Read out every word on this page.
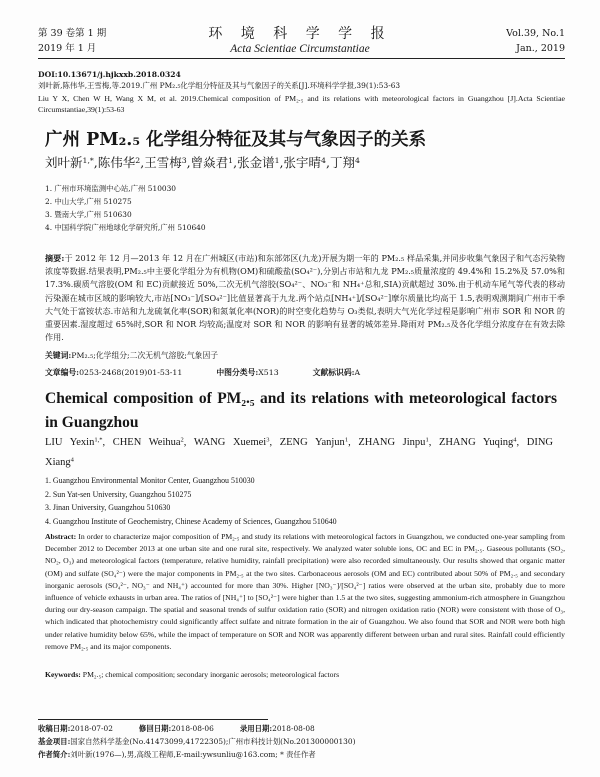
第 39 卷第 1 期
2019 年 1 月
环 境 科 学 学 报
Acta Scientiae Circumstantiae
Vol.39, No.1
Jan., 2019
DOI:10.13671/j.hjkxxb.2018.0324
刘叶新,陈伟华,王雪梅,等.2019.广州 PM₂.₅化学组分特征及其与气象因子的关系[J].环境科学学报,39(1):53-63
Liu Y X, Chen W H, Wang X M, et al. 2019.Chemical composition of PM₂.₅ and its relations with meteorological factors in Guangzhou [J].Acta Scientiae Circumstantiae,39(1):53-63
广州 PM₂.₅ 化学组分特征及其与气象因子的关系
刘叶新$^{1,*}$,陈伟华$^2$,王雪梅$^3$,曾焱君$^1$,张金谱$^1$,张宇晴$^4$,丁翔$^4$
1. 广州市环境监测中心站,广州 510030
2. 中山大学,广州 510275
3. 暨南大学,广州 510630
4. 中国科学院广州地球化学研究所,广州 510640
摘要:于 2012 年 12 月—2013 年 12 月在广州城区(市站)和东部郊区(九龙)开展为期一年的 PM₂.₅ 样品采集,并同步收集气象因子和气态污染物浓度等数据.结果表明,PM₂.₅中主要化学组分为有机物(OM)和硫酸盐(SO₄²⁻),分别占市站和九龙 PM₂.₅质量浓度的 49.4%和 15.2%及 57.0%和 17.3%.碳质气溶胶(OM 和 EC)贡献接近 50%,二次无机气溶胶(SO₄²⁻、NO₃⁻和 NH₄⁺总和,SIA)贡献超过 30%.由于机动车尾气等代表的移动污染源在城市区域的影响较大,市站[NO₃⁻]/[SO₄²⁻]比值显著高于九龙.两个站点[NH₄⁺]/[SO₄²⁻]摩尔质量比均高于 1.5,表明观测期间广州市干季大气处于富铵状态.市站和九龙硫氧化率(SOR)和氮氧化率(NOR)的时空变化趋势与 O₃类似,表明大气光化学过程是影响广州市 SOR 和 NOR 的重要因素.湿度超过 65%时,SOR 和 NOR 均较高;温度对 SOR 和 NOR 的影响有显著的城郊差异.降雨对 PM₂.₅及各化学组分浓度存在有效去除作用.
关键词:PM₂.₅;化学组分;二次无机气溶胶;气象因子
文章编号:0253-2468(2019)01-53-11	中图分类号:X513	文献标识码:A
Chemical composition of PM₂.₅ and its relations with meteorological factors in Guangzhou
LIU Yexin$^{1,*}$, CHEN Weihua$^2$, WANG Xuemei$^3$, ZENG Yanjun$^1$, ZHANG Jinpu$^1$, ZHANG Yuqing$^4$, DING Xiang$^4$
1. Guangzhou Environmental Monitor Center, Guangzhou 510030
2. Sun Yat-sen University, Guangzhou 510275
3. Jinan University, Guangzhou 510630
4. Guangzhou Institute of Geochemistry, Chinese Academy of Sciences, Guangzhou 510640
Abstract: In order to characterize major composition of PM₂.₅ and study its relations with meteorological factors in Guangzhou, we conducted one-year sampling from December 2012 to December 2013 at one urban site and one rural site, respectively. We analyzed water soluble ions, OC and EC in PM₂.₅. Gaseous pollutants (SO₂, NO₂, O₃) and meteorological factors (temperature, relative humidity, rainfall precipitation) were also recorded simultaneously. Our results showed that organic matter (OM) and sulfate (SO₄²⁻) were the major components in PM₂.₅ at the two sites. Carbonaceous aerosols (OM and EC) contributed about 50% of PM₂.₅ and secondary inorganic aerosols (SO₄²⁻, NO₃⁻ and NH₄⁺) accounted for more than 30%. Higher [NO₃⁻]/[SO₄²⁻] ratios were observed at the urban site, probably due to more influence of vehicle exhausts in urban area. The ratios of [NH₄⁺] to [SO₄²⁻] were higher than 1.5 at the two sites, suggesting ammonium-rich atmosphere in Guangzhou during our dry-season campaign. The spatial and seasonal trends of sulfur oxidation ratio (SOR) and nitrogen oxidation ratio (NOR) were consistent with those of O₃, which indicated that photochemistry could significantly affect sulfate and nitrate formation in the air of Guangzhou. We also found that SOR and NOR were both high under relative humidity below 65%, while the impact of temperature on SOR and NOR was apparently different between urban and rural sites. Rainfall could efficiently remove PM₂.₅ and its major components.
Keywords: PM₂.₅; chemical composition; secondary inorganic aerosols; meteorological factors
收稿日期:2018-07-02	修回日期:2018-08-06	录用日期:2018-08-08
基金项目:国家自然科学基金(No.41473099,41722305);广州市科技计划(No.201300000130)
作者简介:刘叶新(1976—),男,高级工程师,E-mail:ywsunliu@163.com; * 责任作者
